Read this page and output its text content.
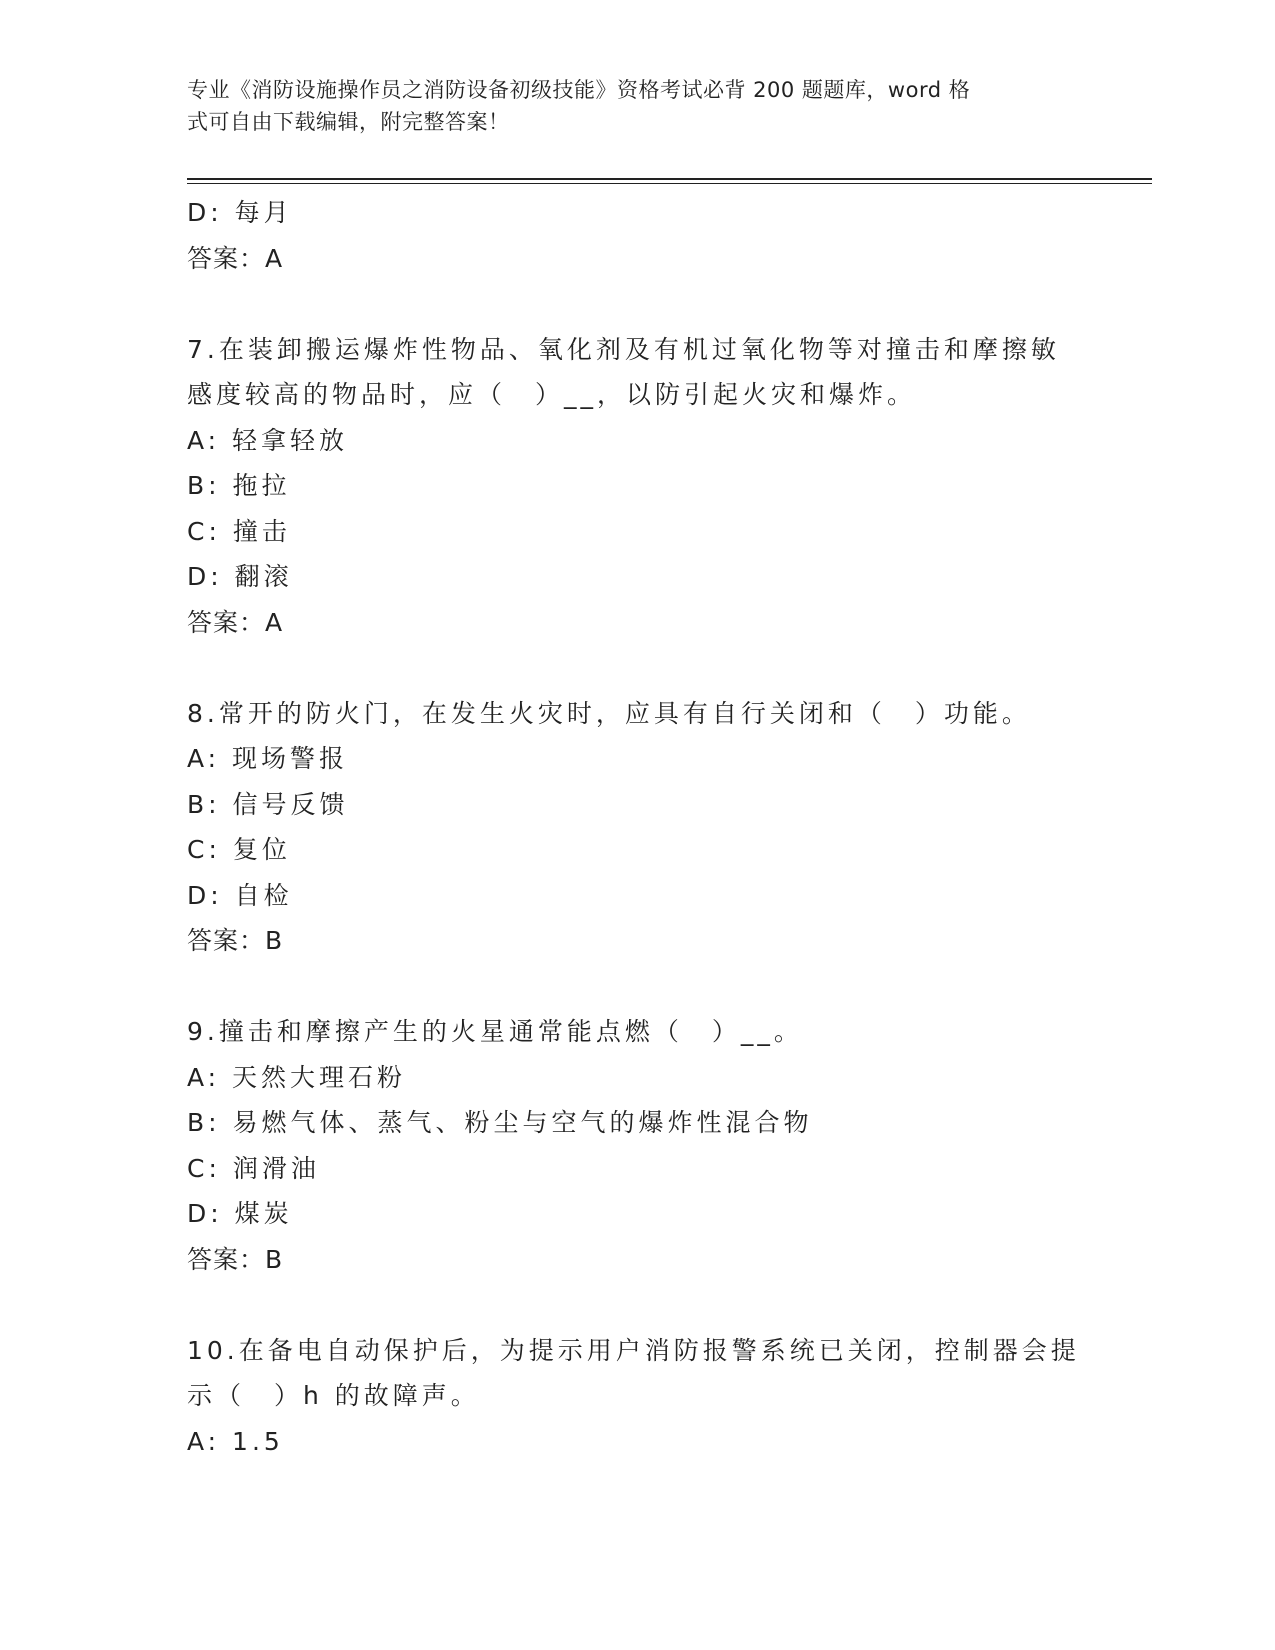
专业《消防设施操作员之消防设备初级技能》资格考试必背 200 题题库，word 格
式可自由下载编辑，附完整答案！
D: 每月
答案：A
7.在装卸搬运爆炸性物品、氧化剂及有机过氧化物等对撞击和摩擦敏
感度较高的物品时，应（　）__，以防引起火灾和爆炸。
A: 轻拿轻放
B: 拖拉
C: 撞击
D: 翻滚
答案：A
8.常开的防火门，在发生火灾时，应具有自行关闭和（　）功能。
A: 现场警报
B: 信号反馈
C: 复位
D: 自检
答案：B
9.撞击和摩擦产生的火星通常能点燃（　）__。
A: 天然大理石粉
B: 易燃气体、蒸气、粉尘与空气的爆炸性混合物
C: 润滑油
D: 煤炭
答案：B
10.在备电自动保护后，为提示用户消防报警系统已关闭，控制器会提
示（　）h 的故障声。
A: 1.5
